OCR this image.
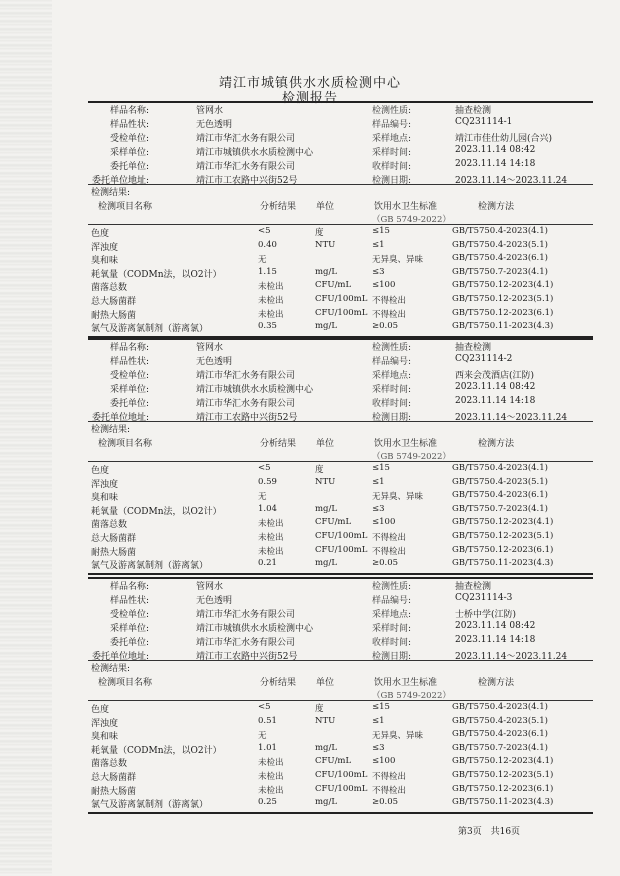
靖江市城镇供水水质检测中心
检测报告
样品名称:	管网水	检测性质:	抽查检测
样品性状:	无色透明	样品编号:	CQ231114-1
受检单位:	靖江市华汇水务有限公司	采样地点:	靖江市佳仕幼儿园(合兴)
采样单位:	靖江市城镇供水水质检测中心	采样时间:	2023.11.14 08:42
委托单位:	靖江市华汇水务有限公司	收样时间:	2023.11.14 14:18
委托单位地址:	靖江市工农路中兴街52号	检测日期:	2023.11.14～2023.11.24
检测结果:
检测项目名称	分析结果 单位	饮用水卫生标准	检测方法
（GB 5749-2022）
色度	<5	度	≤15	GB/T5750.4-2023(4.1)
浑浊度	0.40	NTU	≤1	GB/T5750.4-2023(5.1)
臭和味	无	无异臭、异味	GB/T5750.4-2023(6.1)
耗氧量（CODMn法，以O2计）	1.15	mg/L	≤3	GB/T5750.7-2023(4.1)
菌落总数	未检出	CFU/mL ≤100	GB/T5750.12-2023(4.1)
总大肠菌群	未检出	CFU/100mL 不得检出	GB/T5750.12-2023(5.1)
耐热大肠菌	未检出	CFU/100mL 不得检出	GB/T5750.12-2023(6.1)
氯气及游离氯制剂（游离氯）	0.35	mg/L	≥0.05	GB/T5750.11-2023(4.3)
样品名称:	管网水	检测性质:	抽查检测
样品性状:	无色透明	样品编号:	CQ231114-2
受检单位:	靖江市华汇水务有限公司	采样地点:	西来会茂酒店(江防)
采样单位:	靖江市城镇供水水质检测中心	采样时间:	2023.11.14 08:42
委托单位:	靖江市华汇水务有限公司	收样时间:	2023.11.14 14:18
委托单位地址:	靖江市工农路中兴街52号	检测日期:	2023.11.14～2023.11.24
检测结果:
检测项目名称	分析结果 单位	饮用水卫生标准	检测方法
（GB 5749-2022）
色度	<5	度	≤15	GB/T5750.4-2023(4.1)
浑浊度	0.59	NTU	≤1	GB/T5750.4-2023(5.1)
臭和味	无	无异臭、异味	GB/T5750.4-2023(6.1)
耗氧量（CODMn法，以O2计）	1.04	mg/L	≤3	GB/T5750.7-2023(4.1)
菌落总数	未检出	CFU/mL ≤100	GB/T5750.12-2023(4.1)
总大肠菌群	未检出	CFU/100mL 不得检出	GB/T5750.12-2023(5.1)
耐热大肠菌	未检出	CFU/100mL 不得检出	GB/T5750.12-2023(6.1)
氯气及游离氯制剂（游离氯）	0.21	mg/L	≥0.05	GB/T5750.11-2023(4.3)
样品名称:	管网水	检测性质:	抽查检测
样品性状:	无色透明	样品编号:	CQ231114-3
受检单位:	靖江市华汇水务有限公司	采样地点:	士桥中学(江防)
采样单位:	靖江市城镇供水水质检测中心	采样时间:	2023.11.14 08:42
委托单位:	靖江市华汇水务有限公司	收样时间:	2023.11.14 14:18
委托单位地址:	靖江市工农路中兴街52号	检测日期:	2023.11.14～2023.11.24
检测结果:
检测项目名称	分析结果 单位	饮用水卫生标准	检测方法
（GB 5749-2022）
色度	<5	度	≤15	GB/T5750.4-2023(4.1)
浑浊度	0.51	NTU	≤1	GB/T5750.4-2023(5.1)
臭和味	无	无异臭、异味	GB/T5750.4-2023(6.1)
耗氧量（CODMn法，以O2计）	1.01	mg/L	≤3	GB/T5750.7-2023(4.1)
菌落总数	未检出	CFU/mL ≤100	GB/T5750.12-2023(4.1)
总大肠菌群	未检出	CFU/100mL 不得检出	GB/T5750.12-2023(5.1)
耐热大肠菌	未检出	CFU/100mL 不得检出	GB/T5750.12-2023(6.1)
氯气及游离氯制剂（游离氯）	0.25	mg/L	≥0.05	GB/T5750.11-2023(4.3)
第3页 共16页
